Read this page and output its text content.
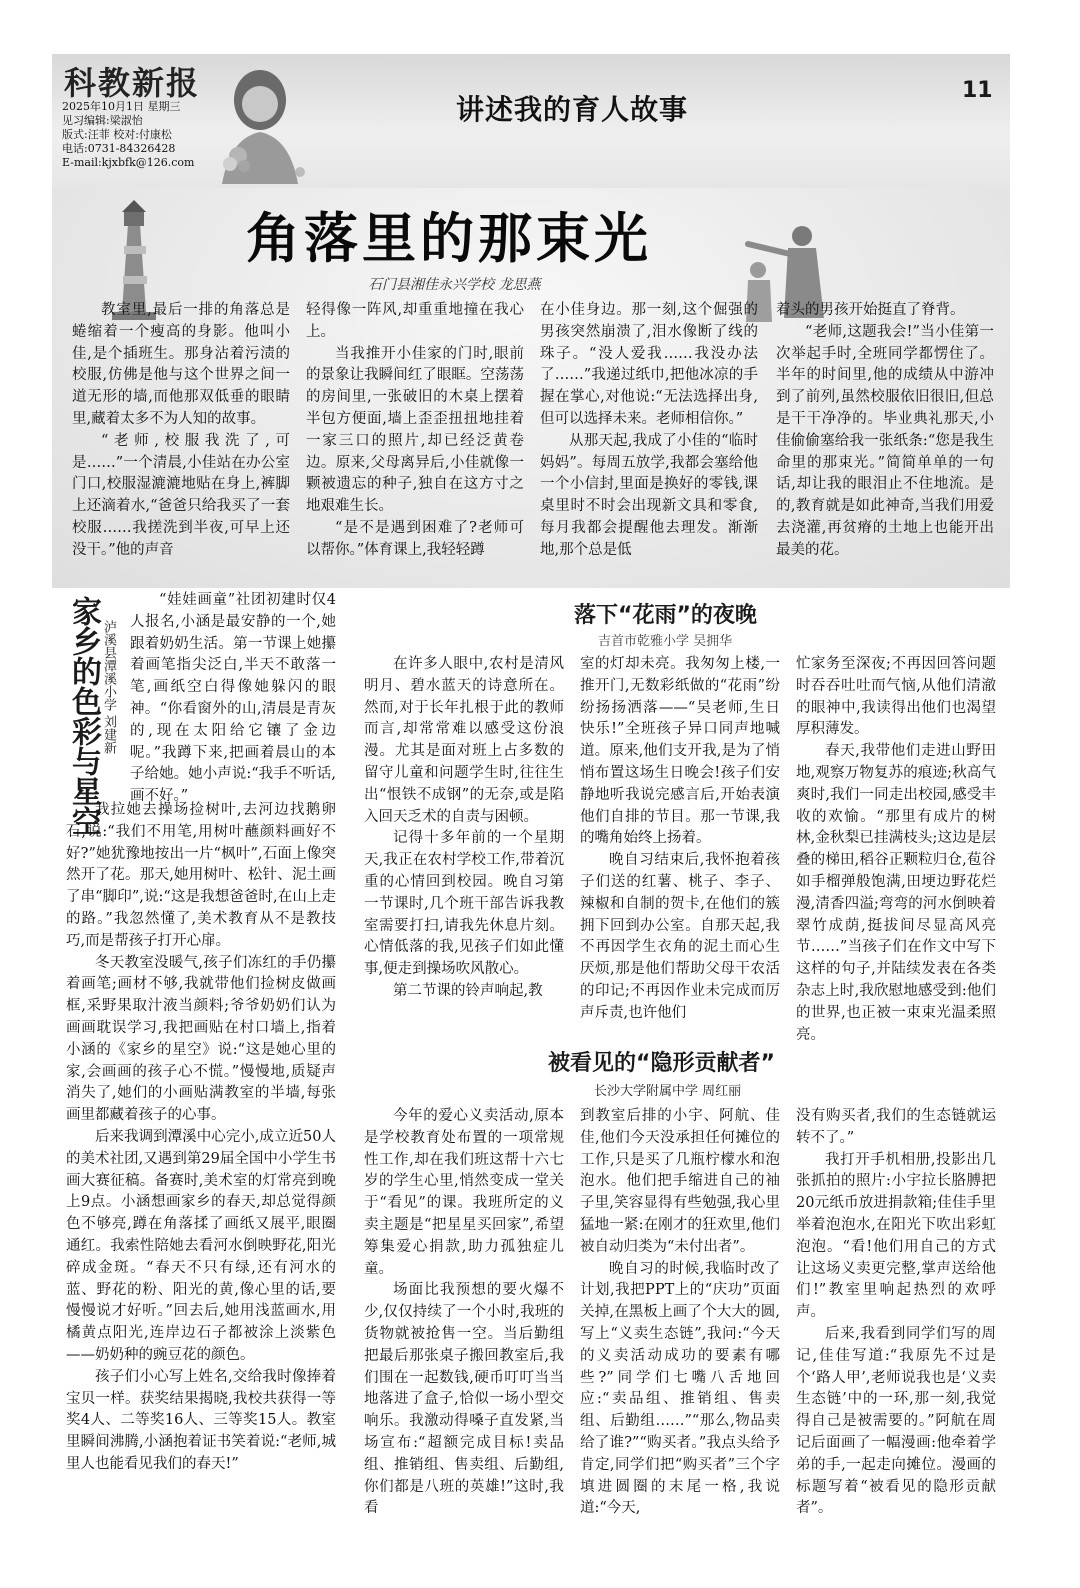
科教新报
2025年10月1日 星期三
见习编辑:梁淑怡
版式:汪菲 校对:付康松
电话:0731-84326428
E-mail:kjxbfk@126.com
讲述我的育人故事
11
角落里的那束光
石门县湘佳永兴学校 龙思燕

教室里,最后一排的角落总是蜷缩着一个瘦高的身影。他叫小佳,是个插班生。那身沾着污渍的校服,仿佛是他与这个世界之间一道无形的墙,而他那双低垂的眼睛里,藏着太多不为人知的故事。

“老师,校服我洗了,可是……”一个清晨,小佳站在办公室门口,校服湿漉漉地贴在身上,裤脚上还滴着水,“爸爸只给我买了一套校服……我搓洗到半夜,可早上还没干。”他的声音

轻得像一阵风,却重重地撞在我心上。

当我推开小佳家的门时,眼前的景象让我瞬间红了眼眶。空荡荡的房间里,一张破旧的木桌上摆着半包方便面,墙上歪歪扭扭地挂着一家三口的照片,却已经泛黄卷边。原来,父母离异后,小佳就像一颗被遗忘的种子,独自在这方寸之地艰难生长。

“是不是遇到困难了?老师可以帮你。”体育课上,我轻轻蹲

在小佳身边。那一刻,这个倔强的男孩突然崩溃了,泪水像断了线的珠子。“没人爱我……我没办法了……”我递过纸巾,把他冰凉的手握在掌心,对他说:“无法选择出身,但可以选择未来。老师相信你。”

从那天起,我成了小佳的“临时妈妈”。每周五放学,我都会塞给他一个小信封,里面是换好的零钱,课桌里时不时会出现新文具和零食,每月我都会提醒他去理发。渐渐地,那个总是低

着头的男孩开始挺直了脊背。

“老师,这题我会!”当小佳第一次举起手时,全班同学都愣住了。半年的时间里,他的成绩从中游冲到了前列,虽然校服依旧很旧,但总是干干净净的。毕业典礼那天,小佳偷偷塞给我一张纸条:“您是我生命里的那束光。”简简单单的一句话,却让我的眼泪止不住地流。是的,教育就是如此神奇,当我们用爱去浇灌,再贫瘠的土地上也能开出最美的花。

家乡的色彩与星空 泸溪县潭溪小学 刘建新

“娃娃画童”社团初建时仅4人报名,小涵是最安静的一个,她跟着奶奶生活。第一节课上她攥着画笔指尖泛白,半天不敢落一笔,画纸空白得像她躲闪的眼神。“你看窗外的山,清晨是青灰的,现在太阳给它镶了金边呢。”我蹲下来,把画着晨山的本子给她。她小声说:“我手不听话,画不好。”

我拉她去操场捡树叶,去河边找鹅卵石,说:“我们不用笔,用树叶蘸颜料画好不好?”她犹豫地按出一片“枫叶”,石面上像突然开了花。那天,她用树叶、松针、泥土画了串“脚印”,说:“这是我想爸爸时,在山上走的路。”我忽然懂了,美术教育从不是教技巧,而是帮孩子打开心扉。

冬天教室没暖气,孩子们冻红的手仍攥着画笔;画材不够,我就带他们捡树皮做画框,采野果取汁液当颜料;爷爷奶奶们认为画画耽误学习,我把画贴在村口墙上,指着小涵的《家乡的星空》说:“这是她心里的家,会画画的孩子心不慌。”慢慢地,质疑声消失了,她们的小画贴满教室的半墙,每张画里都藏着孩子的心事。

后来我调到潭溪中心完小,成立近50人的美术社团,又遇到第29届全国中小学生书画大赛征稿。备赛时,美术室的灯常亮到晚上9点。小涵想画家乡的春天,却总觉得颜色不够亮,蹲在角落揉了画纸又展平,眼圈通红。我索性陪她去看河水倒映野花,阳光碎成金斑。“春天不只有绿,还有河水的蓝、野花的粉、阳光的黄,像心里的话,要慢慢说才好听。”回去后,她用浅蓝画水,用橘黄点阳光,连岸边石子都被涂上淡紫色——奶奶种的豌豆花的颜色。

孩子们小心写上姓名,交给我时像捧着宝贝一样。获奖结果揭晓,我校共获得一等奖4人、二等奖16人、三等奖15人。教室里瞬间沸腾,小涵抱着证书笑着说:“老师,城里人也能看见我们的春天!”

落下“花雨”的夜晚
吉首市乾雅小学 吴拥华

在许多人眼中,农村是清风明月、碧水蓝天的诗意所在。然而,对于长年扎根于此的教师而言,却常常难以感受这份浪漫。尤其是面对班上占多数的留守儿童和问题学生时,往往生出“恨铁不成钢”的无奈,或是陷入回天乏术的自责与困顿。

记得十多年前的一个星期天,我正在农村学校工作,带着沉重的心情回到校园。晚自习第一节课时,几个班干部告诉我教室需要打扫,请我先休息片刻。心情低落的我,见孩子们如此懂事,便走到操场吹风散心。

第二节课的铃声响起,教

室的灯却未亮。我匆匆上楼,一推开门,无数彩纸做的“花雨”纷纷扬扬洒落——“吴老师,生日快乐!”全班孩子异口同声地喊道。原来,他们支开我,是为了悄悄布置这场生日晚会!孩子们安静地听我说完感言后,开始表演他们自排的节目。那一节课,我的嘴角始终上扬着。

晚自习结束后,我怀抱着孩子们送的红薯、桃子、李子、辣椒和自制的贺卡,在他们的簇拥下回到办公室。自那天起,我不再因学生衣角的泥土而心生厌烦,那是他们帮助父母干农活的印记;不再因作业未完成而厉声斥责,也许他们

忙家务至深夜;不再因回答问题时吞吞吐吐而气恼,从他们清澈的眼神中,我读得出他们也渴望厚积薄发。

春天,我带他们走进山野田地,观察万物复苏的痕迹;秋高气爽时,我们一同走出校园,感受丰收的欢愉。“那里有成片的树林,金秋梨已挂满枝头;这边是层叠的梯田,稻谷正颗粒归仓,苞谷如手榴弹般饱满,田埂边野花烂漫,清香四溢;弯弯的河水倒映着翠竹成荫,挺拔间尽显高风亮节……”当孩子们在作文中写下这样的句子,并陆续发表在各类杂志上时,我欣慰地感受到:他们的世界,也正被一束束光温柔照亮。

被看见的“隐形贡献者”
长沙大学附属中学 周红丽

今年的爱心义卖活动,原本是学校教育处布置的一项常规性工作,却在我们班这帮十六七岁的学生心里,悄然变成一堂关于“看见”的课。我班所定的义卖主题是“把星星买回家”,希望筹集爱心捐款,助力孤独症儿童。

场面比我预想的要火爆不少,仅仅持续了一个小时,我班的货物就被抢售一空。当后勤组把最后那张桌子搬回教室后,我们围在一起数钱,硬币叮叮当当地落进了盒子,恰似一场小型交响乐。我激动得嗓子直发紧,当场宣布:“超额完成目标!卖品组、推销组、售卖组、后勤组,你们都是八班的英雄!”这时,我看

到教室后排的小宇、阿航、佳佳,他们今天没承担任何摊位的工作,只是买了几瓶柠檬水和泡泡水。他们把手缩进自己的袖子里,笑容显得有些勉强,我心里猛地一紧:在刚才的狂欢里,他们被自动归类为“未付出者”。

晚自习的时候,我临时改了计划,我把PPT上的“庆功”页面关掉,在黑板上画了个大大的圆,写上“义卖生态链”,我问:“今天的义卖活动成功的要素有哪些?”同学们七嘴八舌地回应:“卖品组、推销组、售卖组、后勤组……”“那么,物品卖给了谁?”“购买者。”我点头给予肯定,同学们把“购买者”三个字填进圆圈的末尾一格,我说道:“今天,

没有购买者,我们的生态链就运转不了。”

我打开手机相册,投影出几张抓拍的照片:小宇拉长胳膊把20元纸币放进捐款箱;佳佳手里举着泡泡水,在阳光下吹出彩虹泡泡。“看!他们用自己的方式让这场义卖更完整,掌声送给他们!”教室里响起热烈的欢呼声。

后来,我看到同学们写的周记,佳佳写道:“我原先不过是个‘路人甲’,老师说我也是‘义卖生态链’中的一环,那一刻,我觉得自己是被需要的。”阿航在周记后面画了一幅漫画:他牵着学弟的手,一起走向摊位。漫画的标题写着“被看见的隐形贡献者”。
